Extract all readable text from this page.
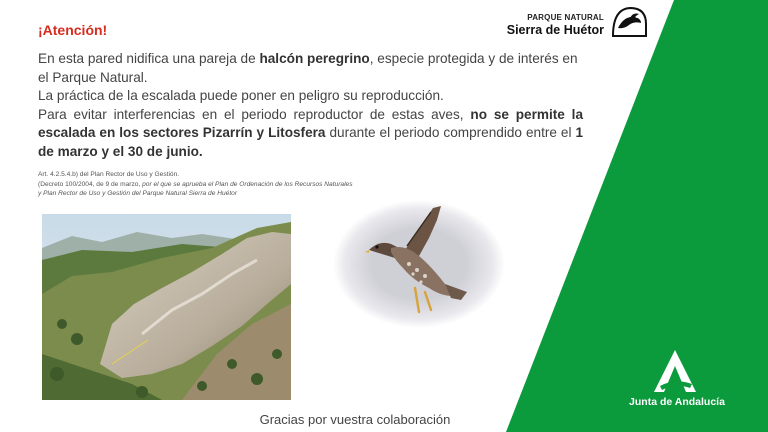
¡Atención!
PARQUE NATURAL
Sierra de Huétor

En esta pared nidifica una pareja de halcón peregrino, especie protegida y de interés en el Parque Natural.

La práctica de la escalada puede poner en peligro su reproducción.

Para evitar interferencias en el periodo reproductor de estas aves, no se permite la escalada en los sectores Pizarrín y Litosfera durante el periodo comprendido entre el 1 de marzo y el 30 de junio.

Art. 4.2.5.4.b) del Plan Rector de Uso y Gestión.
(Decreto 100/2004, de 9 de marzo, por el que se aprueba el Plan de Ordenación de los Recursos Naturales
y Plan Rector de Uso y Gestión del Parque Natural Sierra de Huétor
Gracias por vuestra colaboración
Junta de Andalucía
